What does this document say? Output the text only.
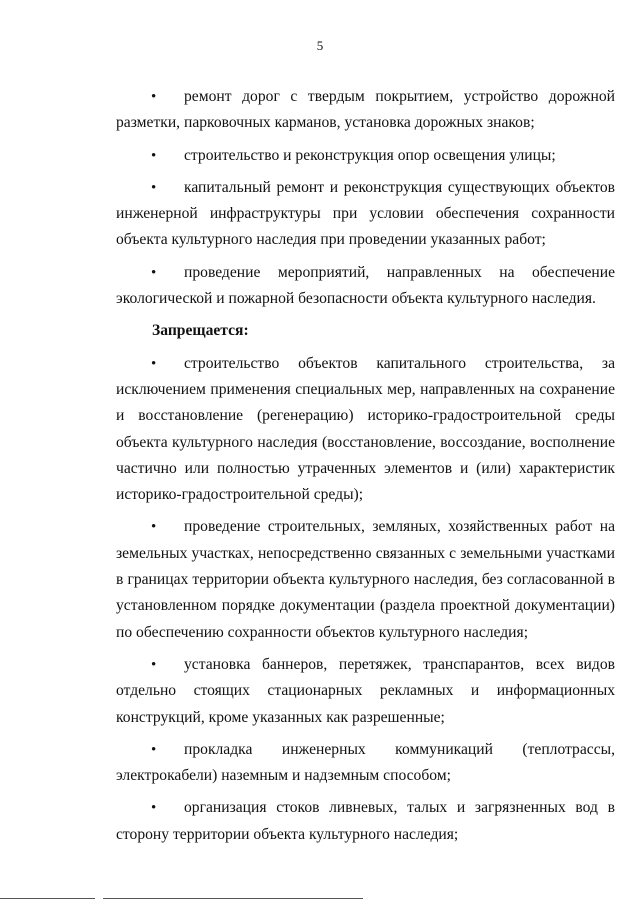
5

• ремонт дорог с твердым покрытием, устройство дорожной разметки, парковочных карманов, установка дорожных знаков;

• строительство и реконструкция опор освещения улицы;

• капитальный ремонт и реконструкция существующих объектов инженерной инфраструктуры при условии обеспечения сохранности объекта культурного наследия при проведении указанных работ;

• проведение мероприятий, направленных на обеспечение экологической и пожарной безопасности объекта культурного наследия.

Запрещается:

• строительство объектов капитального строительства, за исключением применения специальных мер, направленных на сохранение и восстановление (регенерацию) историко-градостроительной среды объекта культурного наследия (восстановление, воссоздание, восполнение частично или полностью утраченных элементов и (или) характеристик историко-градостроительной среды);

• проведение строительных, земляных, хозяйственных работ на земельных участках, непосредственно связанных с земельными участками в границах территории объекта культурного наследия, без согласованной в установленном порядке документации (раздела проектной документации) по обеспечению сохранности объектов культурного наследия;

• установка баннеров, перетяжек, транспарантов, всех видов отдельно стоящих стационарных рекламных и информационных конструкций, кроме указанных как разрешенные;

• прокладка инженерных коммуникаций (теплотрассы, электрокабели) наземным и надземным способом;

• организация стоков ливневых, талых и загрязненных вод в сторону территории объекта культурного наследия;
